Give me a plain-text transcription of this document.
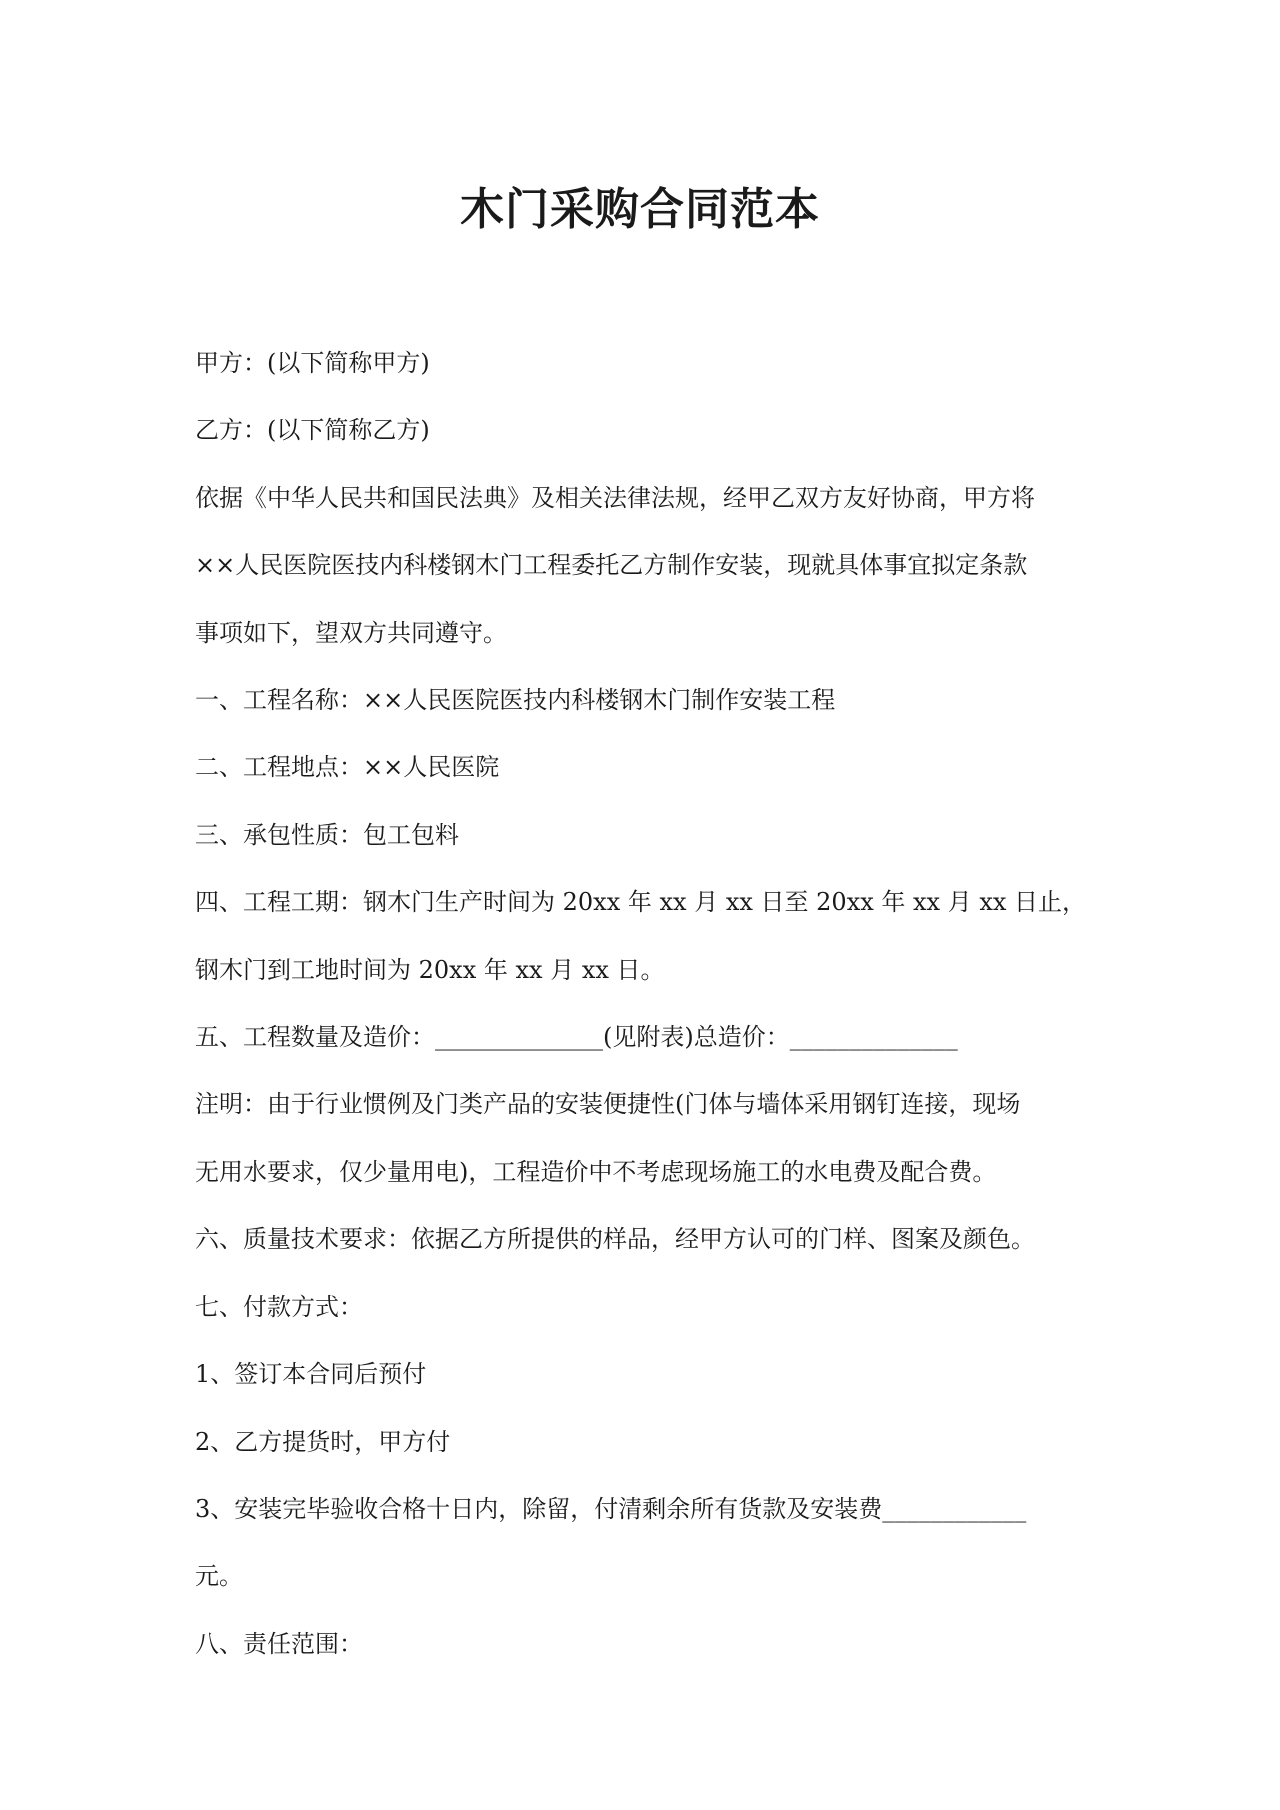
木门采购合同范本

甲方：(以下简称甲方)

乙方：(以下简称乙方)

依据《中华人民共和国民法典》及相关法律法规，经甲乙双方友好协商，甲方将

××人民医院医技内科楼钢木门工程委托乙方制作安装，现就具体事宜拟定条款

事项如下，望双方共同遵守。

一、工程名称：××人民医院医技内科楼钢木门制作安装工程

二、工程地点：××人民医院

三、承包性质：包工包料

四、工程工期：钢木门生产时间为 20xx 年 xx 月 xx 日至 20xx 年 xx 月 xx 日止，

钢木门到工地时间为 20xx 年 xx 月 xx 日。

五、工程数量及造价：______________(见附表)总造价：______________

注明：由于行业惯例及门类产品的安装便捷性(门体与墙体采用钢钉连接，现场

无用水要求，仅少量用电)，工程造价中不考虑现场施工的水电费及配合费。

六、质量技术要求：依据乙方所提供的样品，经甲方认可的门样、图案及颜色。

七、付款方式：

1、签订本合同后预付

2、乙方提货时，甲方付

3、安装完毕验收合格十日内，除留，付清剩余所有货款及安装费____________

元。

八、责任范围：
